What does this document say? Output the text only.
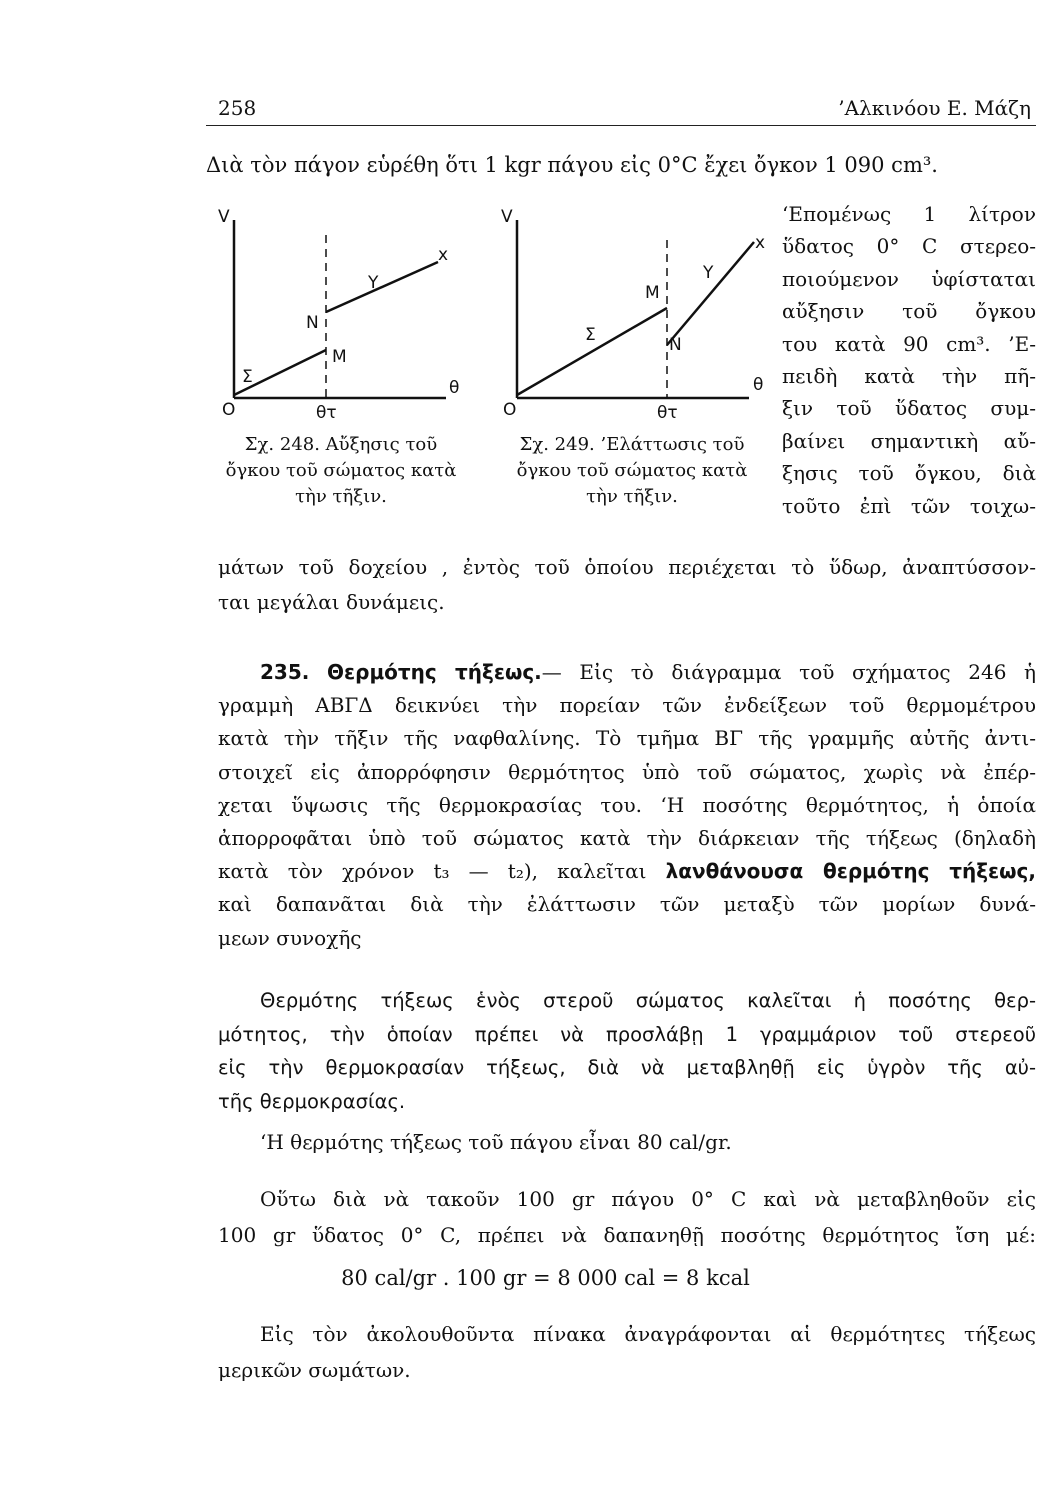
258	’Αλκινόου Ε. Μάζη
Διὰ τὸν πάγον εὑρέθη ὅτι 1 kgr πάγου εἰς 0°C ἔχει ὄγκον 1 090 cm³.
V
O
Σ
M
N
Y
x
θ
θτ
Σχ. 248. Αὔξησις τοῦ
ὄγκου τοῦ σώματος κατὰ
τὴν τῆξιν.
V
O
Σ
M
N
Y
x
θ
θτ
Σχ. 249. ’Ελάττωσις τοῦ
ὄγκου τοῦ σώματος κατὰ
τὴν τῆξιν.
‘Επομένως 1 λίτρον
ὕδατος 0° C στερεο-
ποιούμενον ὑφίσταται
αὔξησιν τοῦ ὄγκου
του κατὰ 90 cm³. ’Ε-
πειδὴ κατὰ τὴν πῆ-
ξιν τοῦ ὕδατος συμ-
βαίνει σημαντικὴ αὔ-
ξησις τοῦ ὄγκου, διὰ
τοῦτο ἐπὶ τῶν τοιχω-
μάτων τοῦ δοχείου , ἐντὸς τοῦ ὁποίου περιέχεται τὸ ὕδωρ, ἀναπτύσσον-
ται μεγάλαι δυνάμεις.
235. Θερμότης τήξεως.— Εἰς τὸ διάγραμμα τοῦ σχήματος 246 ἡ
γραμμὴ ΑΒΓΔ δεικνύει τὴν πορείαν τῶν ἐνδείξεων τοῦ θερμομέτρου
κατὰ τὴν τῆξιν τῆς ναφθαλίνης. Τὸ τμῆμα ΒΓ τῆς γραμμῆς αὐτῆς ἀντι-
στοιχεῖ εἰς ἀπορρόφησιν θερμότητος ὑπὸ τοῦ σώματος, χωρὶς νὰ ἐπέρ-
χεται ὕψωσις τῆς θερμοκρασίας του. ‘Η ποσότης θερμότητος, ἡ ὁποία
ἀπορροφᾶται ὑπὸ τοῦ σώματος κατὰ τὴν διάρκειαν τῆς τήξεως (δηλαδὴ
κατὰ τὸν χρόνον t₃ — t₂), καλεῖται λανθάνουσα θερμότης τήξεως,
καὶ δαπανᾶται διὰ τὴν ἐλάττωσιν τῶν μεταξὺ τῶν μορίων δυνά-
μεων συνοχῆς
Θερμότης τήξεως ἑνὸς στεροῦ σώματος καλεῖται ἡ ποσότης θερ-
μότητος, τὴν ὁποίαν πρέπει νὰ προσλάβῃ 1 γραμμάριον τοῦ στερεοῦ
εἰς τὴν θερμοκρασίαν τήξεως, διὰ νὰ μεταβληθῇ εἰς ὑγρὸν τῆς αὐ-
τῆς θερμοκρασίας.
‘Η θερμότης τήξεως τοῦ πάγου εἶναι 80 cal/gr.
Οὕτω διὰ νὰ τακοῦν 100 gr πάγου 0° C καὶ νὰ μεταβληθοῦν εἰς
100 gr ὕδατος 0° C, πρέπει νὰ δαπανηθῇ ποσότης θερμότητος ἴση μέ:
80 cal/gr . 100 gr = 8 000 cal = 8 kcal
Εἰς τὸν ἀκολουθοῦντα πίνακα ἀναγράφονται αἱ θερμότητες τήξεως
μερικῶν σωμάτων.
